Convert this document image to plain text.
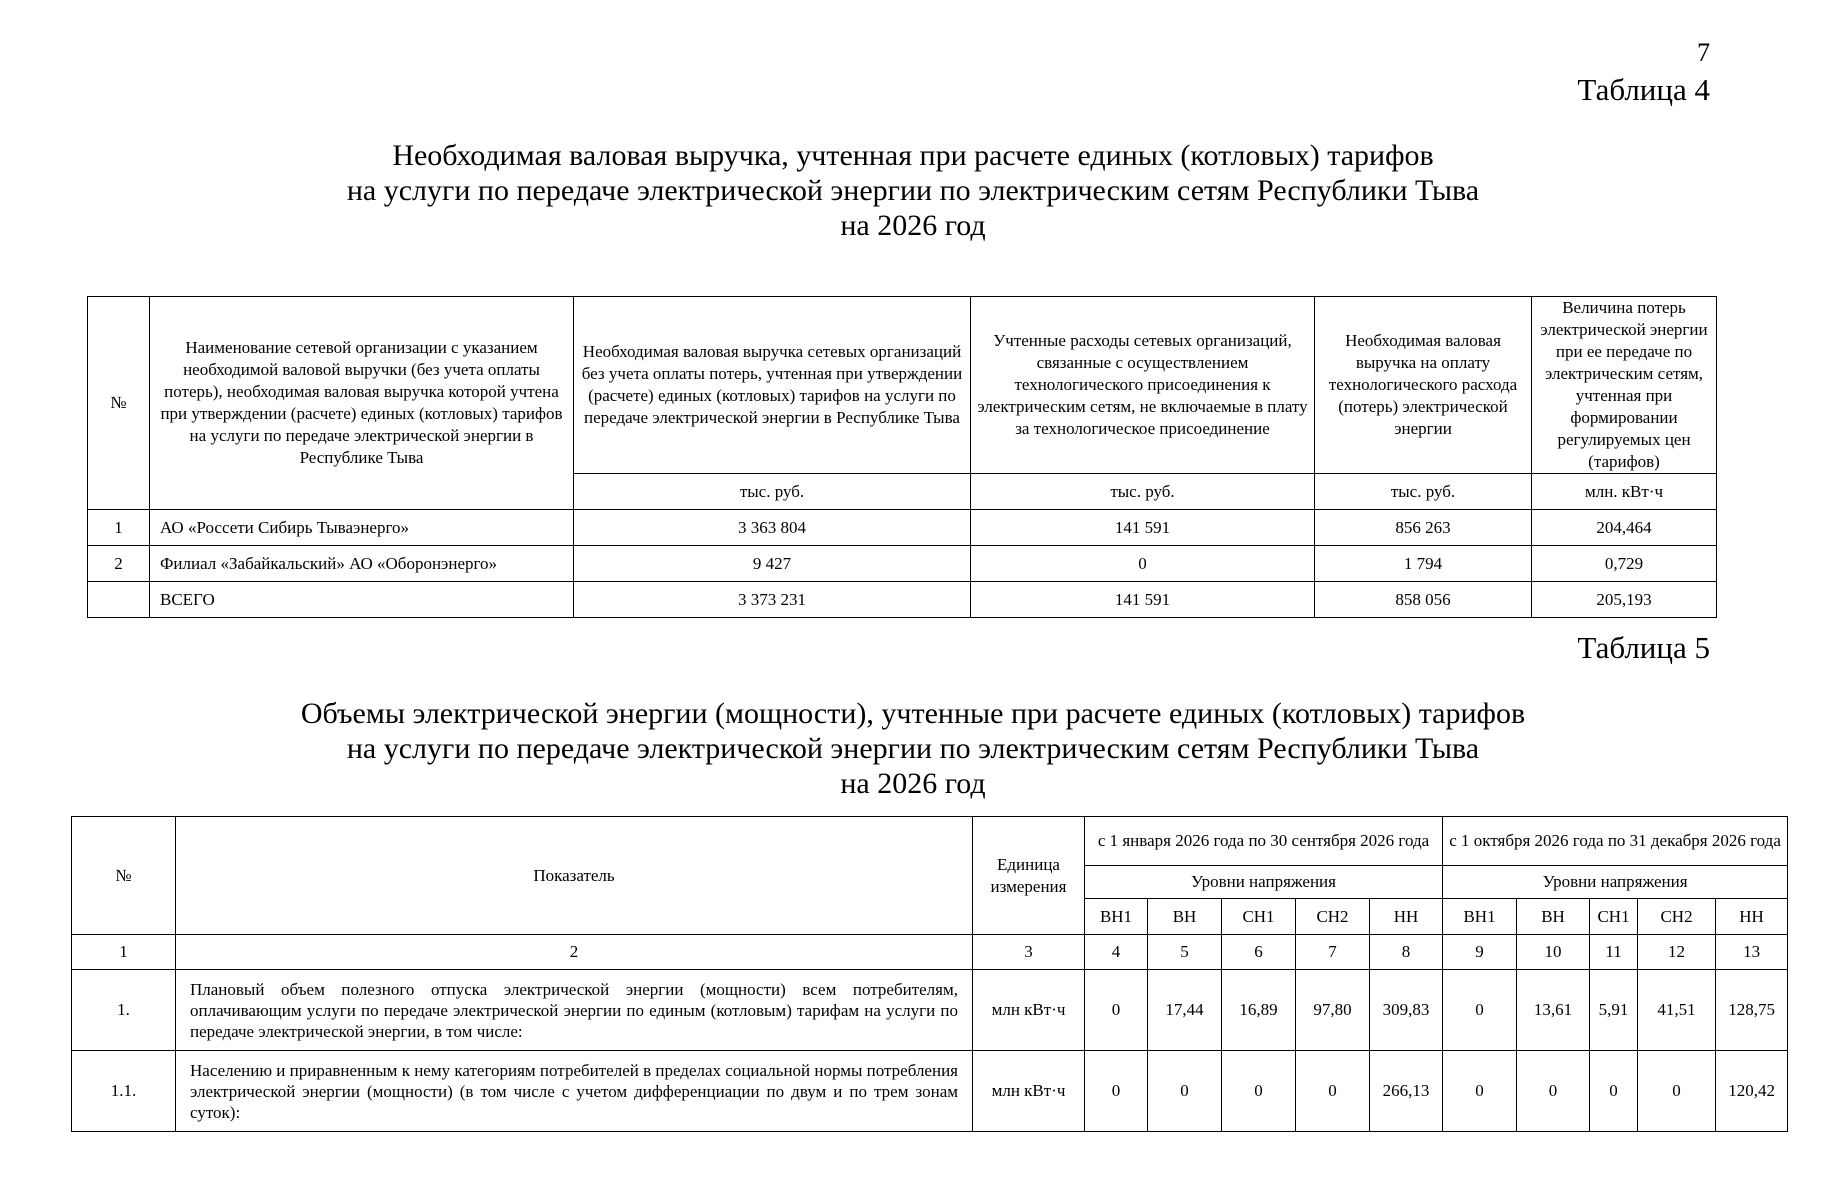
7
Таблица 4
Необходимая валовая выручка, учтенная при расчете единых (котловых) тарифов
на услуги по передаче электрической энергии по электрическим сетям Республики Тыва
на 2026 год
№	Наименование сетевой организации с указанием необходимой валовой выручки (без учета оплаты потерь), необходимая валовая выручка которой учтена при утверждении (расчете) единых (котловых) тарифов на услуги по передаче электрической энергии в Республике Тыва	Необходимая валовая выручка сетевых организаций без учета оплаты потерь, учтенная при утверждении (расчете) единых (котловых) тарифов на услуги по передаче электрической энергии в Республике Тыва	Учтенные расходы сетевых организаций, связанные с осуществлением технологического присоединения к электрическим сетям, не включаемые в плату за технологическое присоединение	Необходимая валовая выручка на оплату технологического расхода (потерь) электрической энергии	Величина потерь электрической энергии при ее передаче по электрическим сетям, учтенная при формировании регулируемых цен (тарифов)
		тыс. руб.	тыс. руб.	тыс. руб.	млн. кВт·ч
1	АО «Россети Сибирь Тываэнерго»	3 363 804	141 591	856 263	204,464
2	Филиал «Забайкальский» АО «Оборонэнерго»	9 427	0	1 794	0,729
	ВСЕГО	3 373 231	141 591	858 056	205,193
Таблица 5
Объемы электрической энергии (мощности), учтенные при расчете единых (котловых) тарифов
на услуги по передаче электрической энергии по электрическим сетям Республики Тыва
на 2026 год
№	Показатель	Единица измерения	с 1 января 2026 года по 30 сентября 2026 года					с 1 октября 2026 года по 31 декабря 2026 года				
			Уровни напряжения					Уровни напряжения				
			ВН1	ВН	СН1	СН2	НН	ВН1	ВН	СН1	СН2	НН
1	2	3	4	5	6	7	8	9	10	11	12	13
1.	Плановый объем полезного отпуска электрической энергии (мощности) всем потребителям, оплачивающим услуги по передаче электрической энергии по единым (котловым) тарифам на услуги по передаче электрической энергии, в том числе:	млн кВт·ч	0	17,44	16,89	97,80	309,83	0	13,61	5,91	41,51	128,75
1.1.	Населению и приравненным к нему категориям потребителей в пределах социальной нормы потребления электрической энергии (мощности) (в том числе с учетом дифференциации по двум и по трем зонам суток):	млн кВт·ч	0	0	0	0	266,13	0	0	0	0	120,42
